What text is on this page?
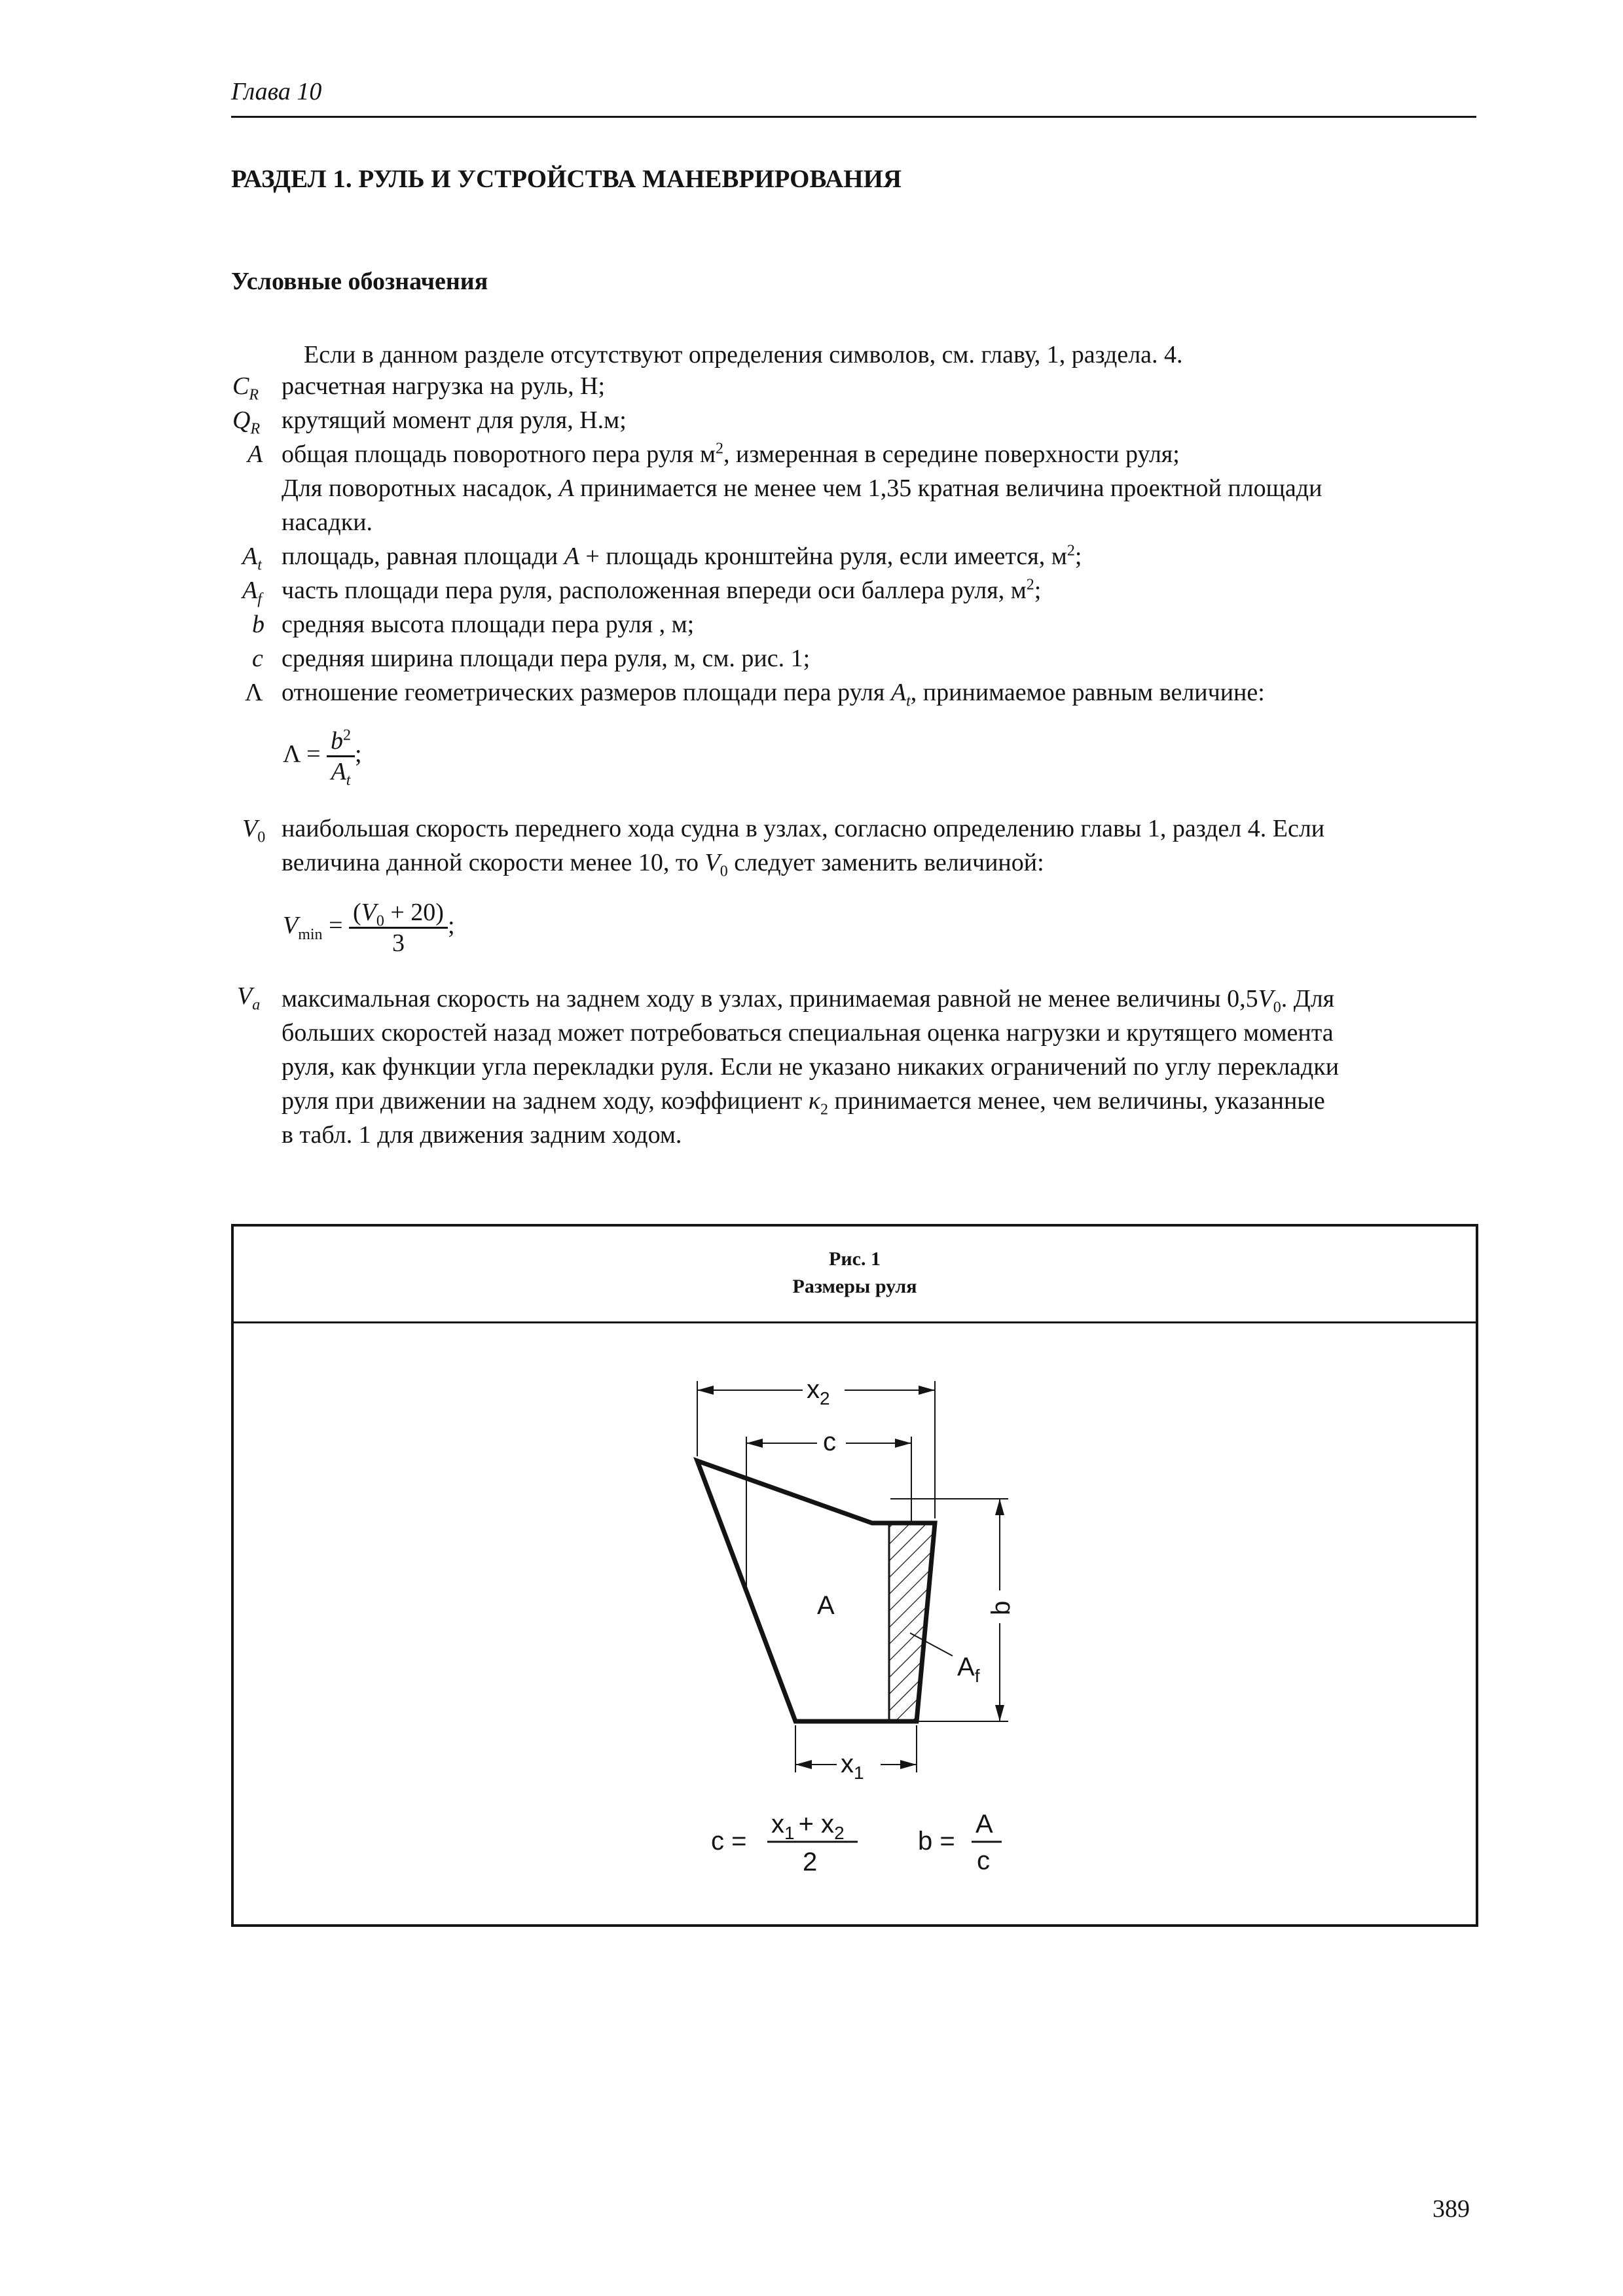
Глава 10
РАЗДЕЛ 1. РУЛЬ И УСТРОЙСТВА МАНЕВРИРОВАНИЯ
Условные обозначения
Если в данном разделе отсутствуют определения символов, см. главу, 1, раздела. 4.
$C_R$ расчетная нагрузка на руль, Н;
$Q_R$ крутящий момент для руля, Н.м;
A общая площадь поворотного пера руля $м^2$, измеренная в середине поверхности руля;
Для поворотных насадок, A принимается не менее чем 1,35 кратная величина проектной площади
насадки.
$A_t$ площадь, равная площади A + площадь кронштейна руля, если имеется, $м^2$;
$A_f$ часть площади пера руля, расположенная впереди оси баллера руля, $м^2$;
b средняя высота площади пера руля , м;
c средняя ширина площади пера руля, м, см. рис. 1;
Λ отношение геометрических размеров площади пера руля $A_t$, принимаемое равным величине:
$\Lambda = \frac{b^2}{A_t}$ ;
$V_0$ наибольшая скорость переднего хода судна в узлах, согласно определению главы 1, раздел 4. Если
величина данной скорости менее 10, то $V_0$ следует заменить величиной:
$V_{min} = \frac{(V_0 + 20)}{3}$ ;
$V_a$ максимальная скорость на заднем ходу в узлах, принимаемая равной не менее величины $0,5V_0$. Для
больших скоростей назад может потребоваться специальная оценка нагрузки и крутящего момента
руля, как функции угла перекладки руля. Если не указано никаких ограничений по углу перекладки
руля при движении на заднем ходу, коэффициент $\kappa_2$ принимается менее, чем величины, указанные
в табл. 1 для движения задним ходом.
Рис. 1
Размеры руля
$x_2$
c
b
A
$A_f$
$x_1$
c =
$x_1 + x_2$
2
b =
A
c
389
